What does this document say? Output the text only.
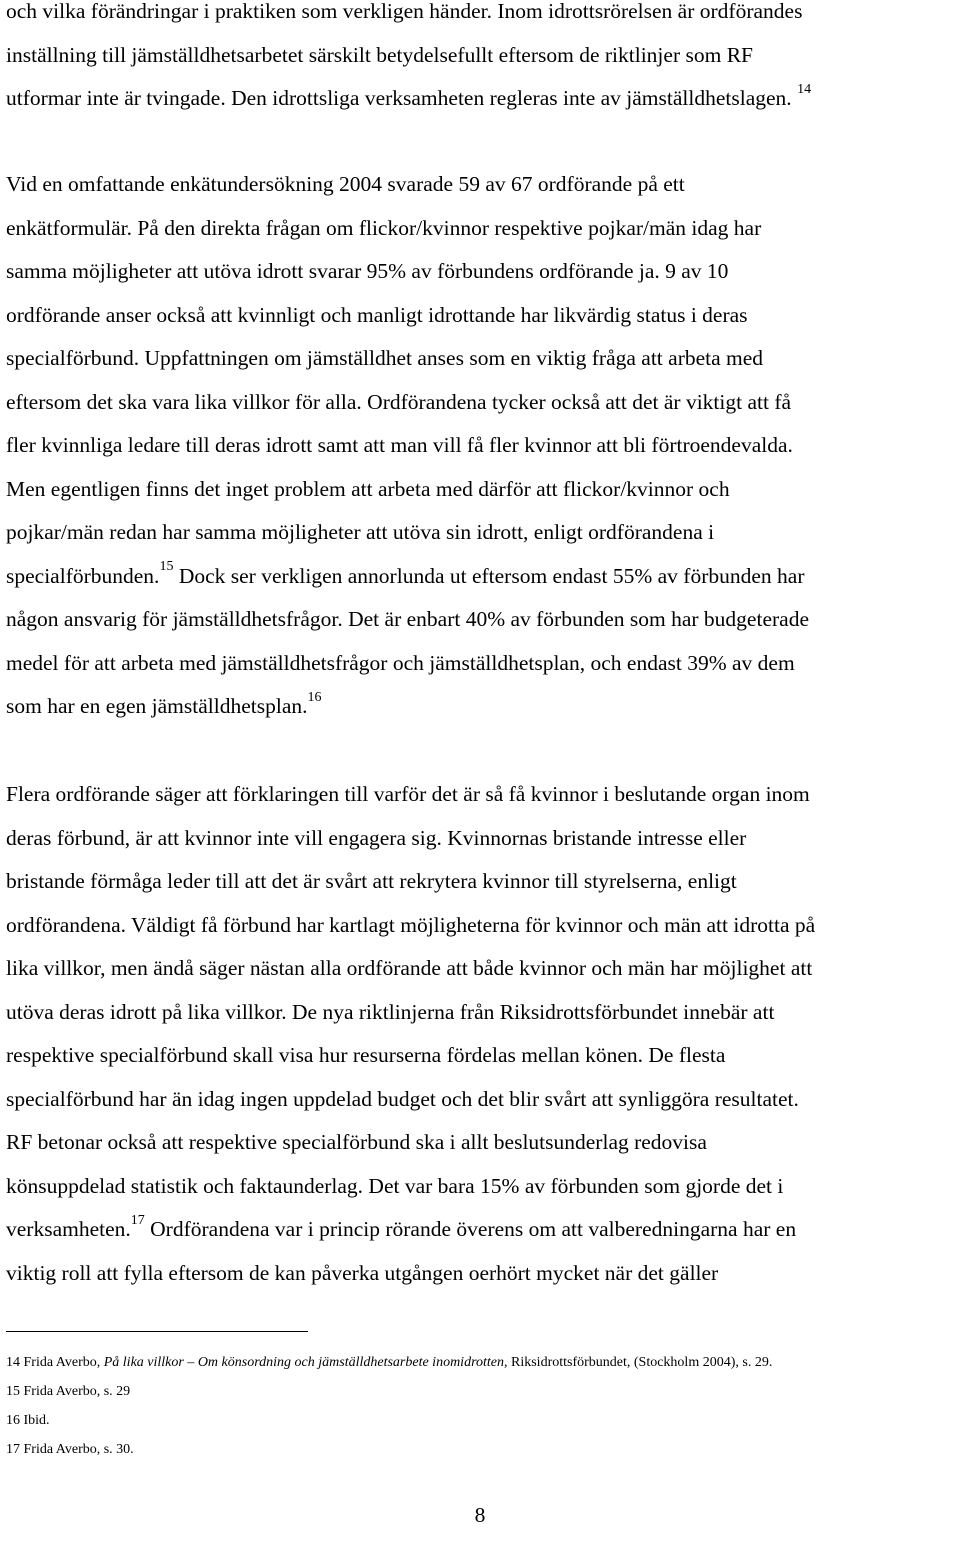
och vilka förändringar i praktiken som verkligen händer. Inom idrottsrörelsen är ordförandes
inställning till jämställdhetsarbetet särskilt betydelsefullt eftersom de riktlinjer som RF
utformar inte är tvingade. Den idrottsliga verksamheten regleras inte av jämställdhetslagen. $^{14}$
Vid en omfattande enkätundersökning 2004 svarade 59 av 67 ordförande på ett
enkätformulär. På den direkta frågan om flickor/kvinnor respektive pojkar/män idag har
samma möjligheter att utöva idrott svarar 95% av förbundens ordförande ja. 9 av 10
ordförande anser också att kvinnligt och manligt idrottande har likvärdig status i deras
specialförbund. Uppfattningen om jämställdhet anses som en viktig fråga att arbeta med
eftersom det ska vara lika villkor för alla. Ordförandena tycker också att det är viktigt att få
fler kvinnliga ledare till deras idrott samt att man vill få fler kvinnor att bli förtroendevalda.
Men egentligen finns det inget problem att arbeta med därför att flickor/kvinnor och
pojkar/män redan har samma möjligheter att utöva sin idrott, enligt ordförandena i
specialförbunden.$^{15}$ Dock ser verkligen annorlunda ut eftersom endast 55% av förbunden har
någon ansvarig för jämställdhetsfrågor. Det är enbart 40% av förbunden som har budgeterade
medel för att arbeta med jämställdhetsfrågor och jämställdhetsplan, och endast 39% av dem
som har en egen jämställdhetsplan.$^{16}$
Flera ordförande säger att förklaringen till varför det är så få kvinnor i beslutande organ inom
deras förbund, är att kvinnor inte vill engagera sig. Kvinnornas bristande intresse eller
bristande förmåga leder till att det är svårt att rekrytera kvinnor till styrelserna, enligt
ordförandena. Väldigt få förbund har kartlagt möjligheterna för kvinnor och män att idrotta på
lika villkor, men ändå säger nästan alla ordförande att både kvinnor och män har möjlighet att
utöva deras idrott på lika villkor. De nya riktlinjerna från Riksidrottsförbundet innebär att
respektive specialförbund skall visa hur resurserna fördelas mellan könen. De flesta
specialförbund har än idag ingen uppdelad budget och det blir svårt att synliggöra resultatet.
RF betonar också att respektive specialförbund ska i allt beslutsunderlag redovisa
könsuppdelad statistik och faktaunderlag. Det var bara 15% av förbunden som gjorde det i
verksamheten.$^{17}$ Ordförandena var i princip rörande överens om att valberedningarna har en
viktig roll att fylla eftersom de kan påverka utgången oerhört mycket när det gäller
14 Frida Averbo, På lika villkor – Om könsordning och jämställdhetsarbete inomidrotten, Riksidrottsförbundet, (Stockholm 2004), s. 29.
15 Frida Averbo, s. 29
16 Ibid.
17 Frida Averbo, s. 30.
8
